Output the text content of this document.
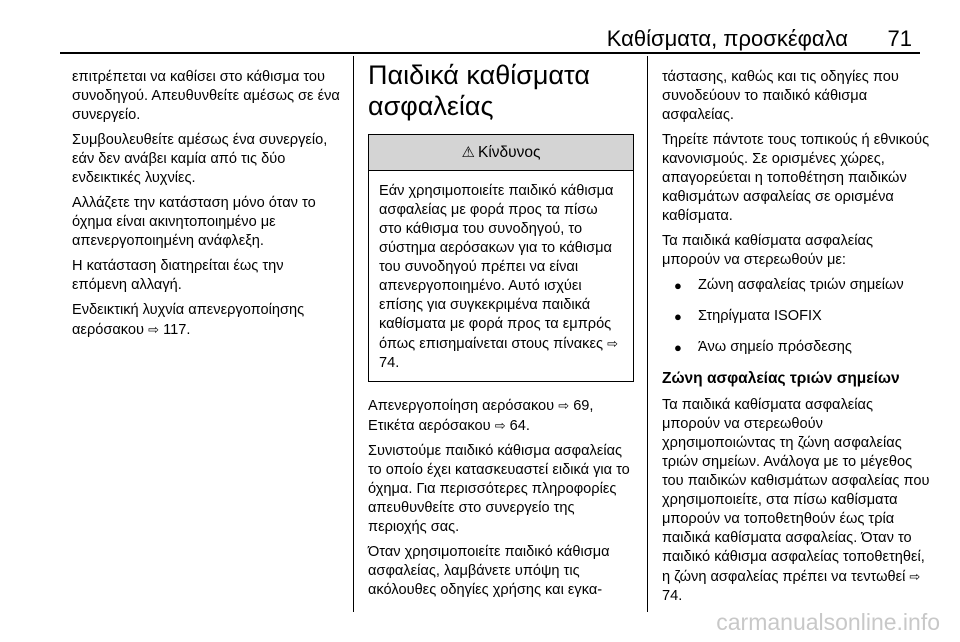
Καθίσματα, προσκέφαλα 71

επιτρέπεται να καθίσει στο κάθισμα του συνοδηγού. Απευθυνθείτε αμέσως σε ένα συνεργείο.

Συμβουλευθείτε αμέσως ένα συνεργείο, εάν δεν ανάβει καμία από τις δύο ενδεικτικές λυχνίες.

Αλλάζετε την κατάσταση μόνο όταν το όχημα είναι ακινητοποιημένο με απενεργοποιημένη ανάφλεξη.

Η κατάσταση διατηρείται έως την επόμενη αλλαγή.

Ενδεικτική λυχνία απενεργοποίησης αερόσακου ⇨ 117.

Παιδικά καθίσματα ασφαλείας
⚠ Κίνδυνος

Εάν χρησιμοποιείτε παιδικό κάθισμα ασφαλείας με φορά προς τα πίσω στο κάθισμα του συνοδηγού, το σύστημα αερόσακων για το κάθισμα του συνοδηγού πρέπει να είναι απενεργοποιημένο. Αυτό ισχύει επίσης για συγκεκριμένα παιδικά καθίσματα με φορά προς τα εμπρός όπως επισημαίνεται στους πίνακες ⇨ 74.

Απενεργοποίηση αερόσακου ⇨ 69,
Ετικέτα αερόσακου ⇨ 64.

Συνιστούμε παιδικό κάθισμα ασφαλείας το οποίο έχει κατασκευαστεί ειδικά για το όχημα. Για περισσότερες πληροφορίες απευθυνθείτε στο συνεργείο της περιοχής σας.

Όταν χρησιμοποιείτε παιδικό κάθισμα ασφαλείας, λαμβάνετε υπόψη τις ακόλουθες οδηγίες χρήσης και εγκα-

τάστασης, καθώς και τις οδηγίες που συνοδεύουν το παιδικό κάθισμα ασφαλείας.

Τηρείτε πάντοτε τους τοπικούς ή εθνικούς κανονισμούς. Σε ορισμένες χώρες, απαγορεύεται η τοποθέτηση παιδικών καθισμάτων ασφαλείας σε ορισμένα καθίσματα.

Τα παιδικά καθίσματα ασφαλείας μπορούν να στερεωθούν με:

● Ζώνη ασφαλείας τριών σημείων
● Στηρίγματα ISOFIX
● Άνω σημείο πρόσδεσης
Ζώνη ασφαλείας τριών σημείων

Τα παιδικά καθίσματα ασφαλείας μπορούν να στερεωθούν χρησιμοποιώντας τη ζώνη ασφαλείας τριών σημείων. Ανάλογα με το μέγεθος του παιδικών καθισμάτων ασφαλείας που χρησιμοποιείτε, στα πίσω καθίσματα μπορούν να τοποθετηθούν έως τρία παιδικά καθίσματα ασφαλείας. Όταν το παιδικό κάθισμα ασφαλείας τοποθετηθεί, η ζώνη ασφαλείας πρέπει να τεντωθεί ⇨ 74.

carmanualsonline.info
